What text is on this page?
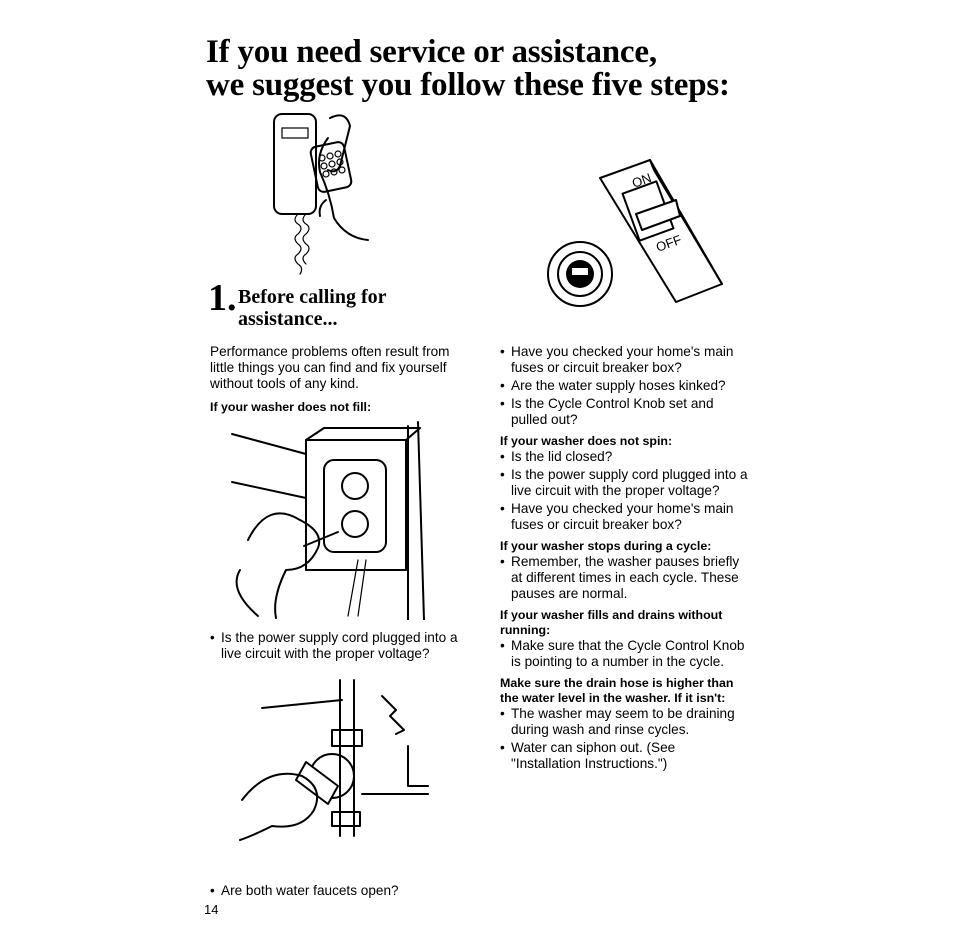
If you need service or assistance,
we suggest you follow these five steps:
1. Before calling for
assistance...
ON
OFF
Performance problems often result from little things you can find and fix yourself without tools of any kind.
If your washer does not fill:
• Is the power supply cord plugged into a live circuit with the proper voltage?
• Are both water faucets open?
• Have you checked your home's main fuses or circuit breaker box?
• Are the water supply hoses kinked?
• Is the Cycle Control Knob set and pulled out?
If your washer does not spin:
• Is the lid closed?
• Is the power supply cord plugged into a live circuit with the proper voltage?
• Have you checked your home's main fuses or circuit breaker box?
If your washer stops during a cycle:
• Remember, the washer pauses briefly at different times in each cycle. These pauses are normal.
If your washer fills and drains without running:
• Make sure that the Cycle Control Knob is pointing to a number in the cycle.
Make sure the drain hose is higher than the water level in the washer. If it isn't:
• The washer may seem to be draining during wash and rinse cycles.
• Water can siphon out. (See "Installation Instructions.")
14
